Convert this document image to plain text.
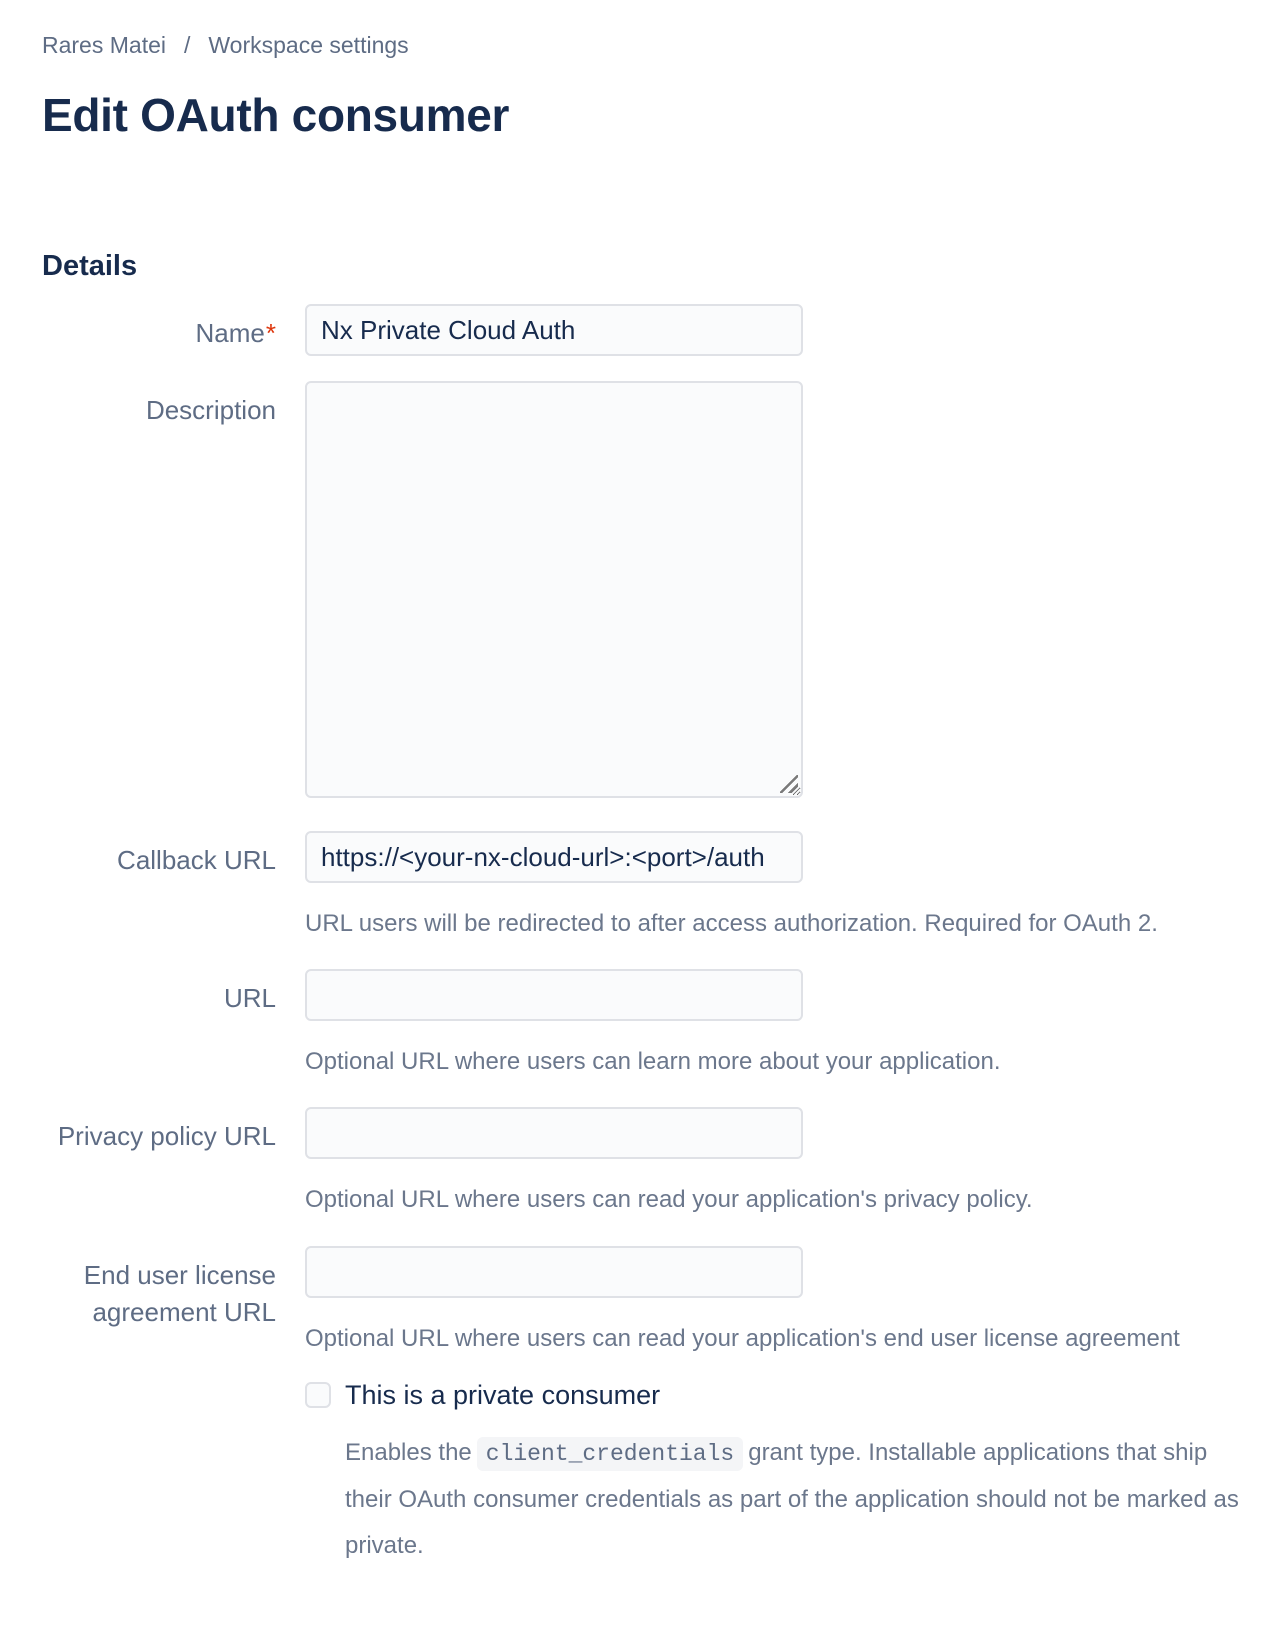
Rares Matei / Workspace settings
Edit OAuth consumer
Details
Name*
Nx Private Cloud Auth
Description
Callback URL
https://<your-nx-cloud-url>:<port>/auth

URL users will be redirected to after access authorization. Required for OAuth 2.

URL

Optional URL where users can learn more about your application.

Privacy policy URL

Optional URL where users can read your application's privacy policy.

End user license agreement URL

Optional URL where users can read your application's end user license agreement

This is a private consumer

Enables the client_credentials grant type. Installable applications that ship their OAuth consumer credentials as part of the application should not be marked as private.
